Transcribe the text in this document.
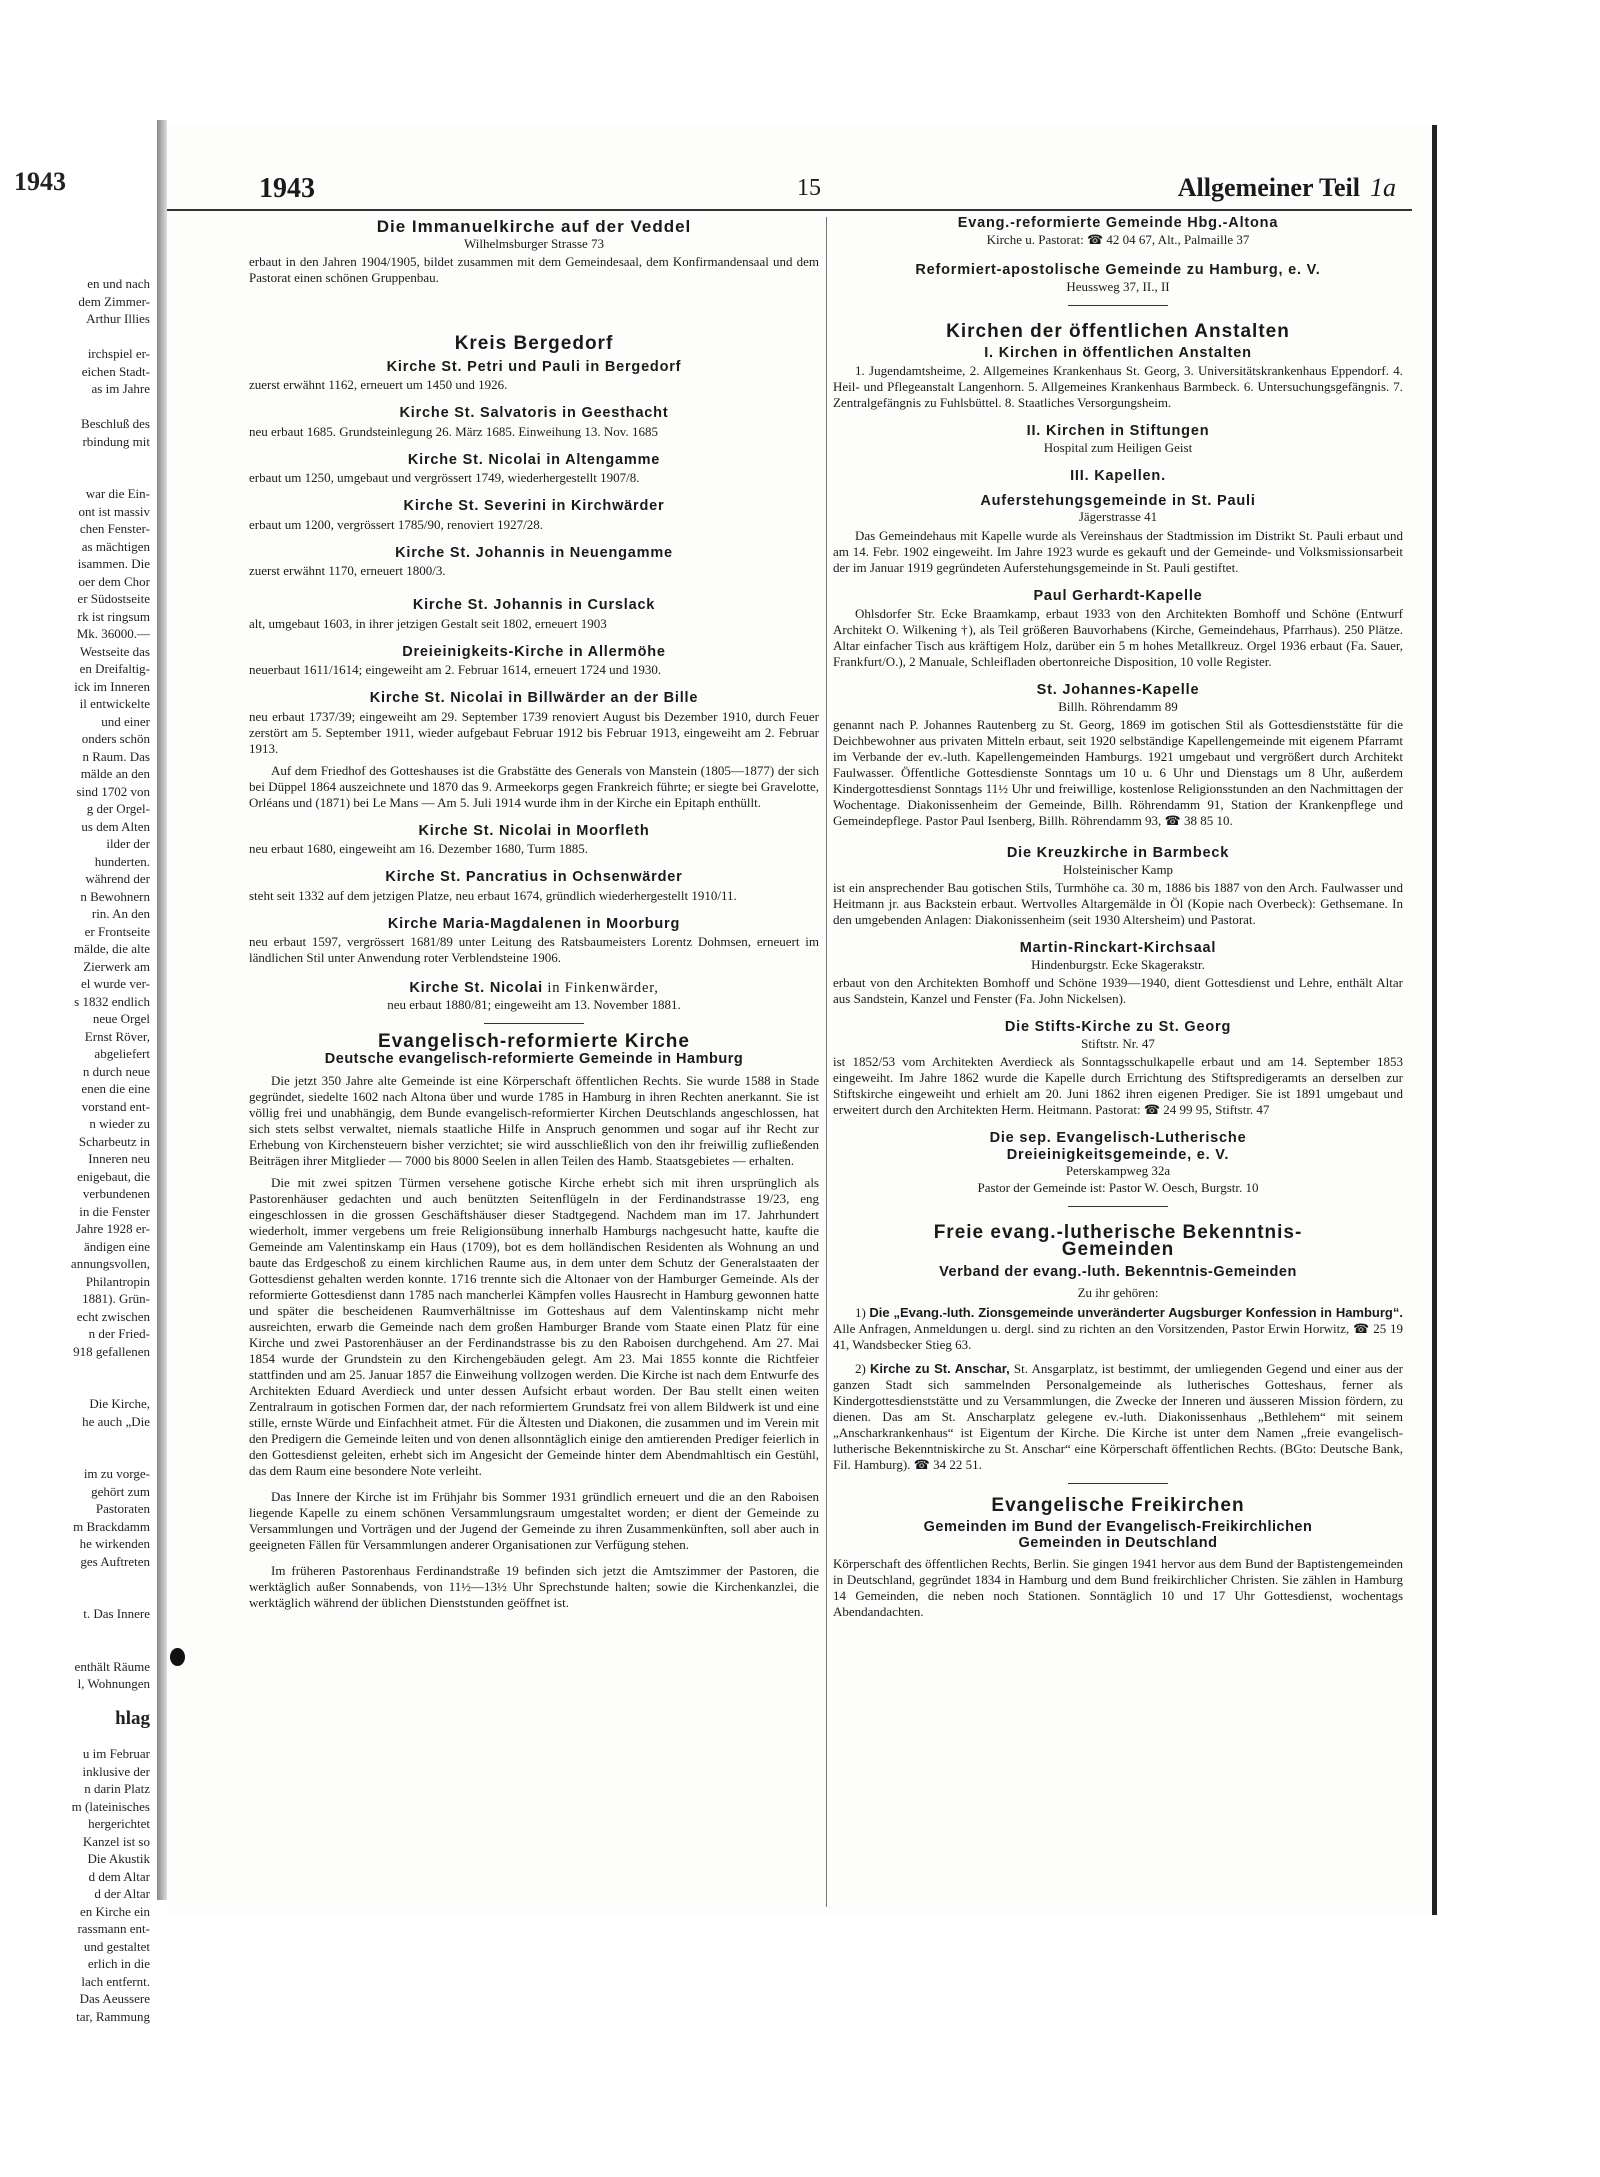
1943
en und nach
dem Zimmer-
Arthur Illies
irchspiel er-
eichen Stadt-
as im Jahre
Beschluß des
rbindung mit
war die Ein-
ont ist massiv
chen Fenster-
as mächtigen
isammen. Die
oer dem Chor
er Südostseite
rk ist ringsum
Mk. 36000.—
Westseite das
en Dreifaltig-
ick im Inneren
il entwickelte
und einer
onders schön
n Raum. Das
mälde an den
sind 1702 von
g der Orgel-
us dem Alten
ilder der
hunderten.
während der
n Bewohnern
rin. An den
er Frontseite
mälde, die alte
Zierwerk am
el wurde ver-
s 1832 endlich
neue Orgel
Ernst Röver,
abgeliefert
n durch neue
enen die eine
vorstand ent-
n wieder zu
Scharbeutz in
Inneren neu
enigebaut, die
verbundenen
in die Fenster
Jahre 1928 er-
ändigen eine
annungsvollen,
Philantropin
1881). Grün-
echt zwischen
n der Fried-
918 gefallenen
Die Kirche,
he auch „Die
im zu vorge-
gehört zum
Pastoraten
m Brackdamm
he wirkenden
ges Auftreten
t. Das Innere
enthält Räume
l, Wohnungen
hlag
u im Februar
inklusive der
n darin Platz
m (lateinisches
hergerichtet
Kanzel ist so
Die Akustik
d dem Altar
d der Altar
en Kirche ein
rassmann ent-
und gestaltet
erlich in die
lach entfernt.
Das Aeussere
tar, Rammung
1943	15	Allgemeiner Teil 1a
Die Immanuelkirche auf der Veddel
Wilhelmsburger Strasse 73

erbaut in den Jahren 1904/1905, bildet zusammen mit dem Gemeindesaal, dem Konfirmandensaal und dem Pastorat einen schönen Gruppenbau.

Kreis Bergedorf
Kirche St. Petri und Pauli in Bergedorf

zuerst erwähnt 1162, erneuert um 1450 und 1926.

Kirche St. Salvatoris in Geesthacht

neu erbaut 1685. Grundsteinlegung 26. März 1685. Einweihung 13. Nov. 1685

Kirche St. Nicolai in Altengamme

erbaut um 1250, umgebaut und vergrössert 1749, wiederhergestellt 1907/8.

Kirche St. Severini in Kirchwärder

erbaut um 1200, vergrössert 1785/90, renoviert 1927/28.

Kirche St. Johannis in Neuengamme

zuerst erwähnt 1170, erneuert 1800/3.

Kirche St. Johannis in Curslack

alt, umgebaut 1603, in ihrer jetzigen Gestalt seit 1802, erneuert 1903

Dreieinigkeits-Kirche in Allermöhe

neuerbaut 1611/1614; eingeweiht am 2. Februar 1614, erneuert 1724 und 1930.

Kirche St. Nicolai in Billwärder an der Bille

neu erbaut 1737/39; eingeweiht am 29. September 1739 renoviert August bis Dezember 1910, durch Feuer zerstört am 5. September 1911, wieder aufgebaut Februar 1912 bis Februar 1913, eingeweiht am 2. Februar 1913.

Auf dem Friedhof des Gotteshauses ist die Grabstätte des Generals von Manstein (1805—1877) der sich bei Düppel 1864 auszeichnete und 1870 das 9. Armeekorps gegen Frankreich führte; er siegte bei Gravelotte, Orléans und (1871) bei Le Mans — Am 5. Juli 1914 wurde ihm in der Kirche ein Epitaph enthüllt.

Kirche St. Nicolai in Moorfleth

neu erbaut 1680, eingeweiht am 16. Dezember 1680, Turm 1885.

Kirche St. Pancratius in Ochsenwärder

steht seit 1332 auf dem jetzigen Platze, neu erbaut 1674, gründlich wiederhergestellt 1910/11.

Kirche Maria-Magdalenen in Moorburg

neu erbaut 1597, vergrössert 1681/89 unter Leitung des Ratsbaumeisters Lorentz Dohmsen, erneuert im ländlichen Stil unter Anwendung roter Verblendsteine 1906.

Kirche St. Nicolai in Finkenwärder,
neu erbaut 1880/81; eingeweiht am 13. November 1881.
Evangelisch-reformierte Kirche
Deutsche evangelisch-reformierte Gemeinde in Hamburg

Die jetzt 350 Jahre alte Gemeinde ist eine Körperschaft öffentlichen Rechts. Sie wurde 1588 in Stade gegründet, siedelte 1602 nach Altona über und wurde 1785 in Hamburg in ihren Rechten anerkannt. Sie ist völlig frei und unabhängig, dem Bunde evangelisch-reformierter Kirchen Deutschlands angeschlossen, hat sich stets selbst verwaltet, niemals staatliche Hilfe in Anspruch genommen und sogar auf ihr Recht zur Erhebung von Kirchensteuern bisher verzichtet; sie wird ausschließlich von den ihr freiwillig zufließenden Beiträgen ihrer Mitglieder — 7000 bis 8000 Seelen in allen Teilen des Hamb. Staatsgebietes — erhalten.

Die mit zwei spitzen Türmen versehene gotische Kirche erhebt sich mit ihren ursprünglich als Pastorenhäuser gedachten und auch benützten Seitenflügeln in der Ferdinandstrasse 19/23, eng eingeschlossen in die grossen Geschäftshäuser dieser Stadtgegend. Nachdem man im 17. Jahrhundert wiederholt, immer vergebens um freie Religionsübung innerhalb Hamburgs nachgesucht hatte, kaufte die Gemeinde am Valentinskamp ein Haus (1709), bot es dem holländischen Residenten als Wohnung an und baute das Erdgeschoß zu einem kirchlichen Raume aus, in dem unter dem Schutz der Generalstaaten der Gottesdienst gehalten werden konnte. 1716 trennte sich die Altonaer von der Hamburger Gemeinde. Als der reformierte Gottesdienst dann 1785 nach mancherlei Kämpfen volles Hausrecht in Hamburg gewonnen hatte und später die bescheidenen Raumverhältnisse im Gotteshaus auf dem Valentinskamp nicht mehr ausreichten, erwarb die Gemeinde nach dem großen Hamburger Brande vom Staate einen Platz für eine Kirche und zwei Pastorenhäuser an der Ferdinandstrasse bis zu den Raboisen durchgehend. Am 27. Mai 1854 wurde der Grundstein zu den Kirchengebäuden gelegt. Am 23. Mai 1855 konnte die Richtfeier stattfinden und am 25. Januar 1857 die Einweihung vollzogen werden. Die Kirche ist nach dem Entwurfe des Architekten Eduard Averdieck und unter dessen Aufsicht erbaut worden. Der Bau stellt einen weiten Zentralraum in gotischen Formen dar, der nach reformiertem Grundsatz frei von allem Bildwerk ist und eine stille, ernste Würde und Einfachheit atmet. Für die Ältesten und Diakonen, die zusammen und im Verein mit den Predigern die Gemeinde leiten und von denen allsonntäglich einige den amtierenden Prediger feierlich in den Gottesdienst geleiten, erhebt sich im Angesicht der Gemeinde hinter dem Abendmahltisch ein Gestühl, das dem Raum eine besondere Note verleiht.

Das Innere der Kirche ist im Frühjahr bis Sommer 1931 gründlich erneuert und die an den Raboisen liegende Kapelle zu einem schönen Versammlungsraum umgestaltet worden; er dient der Gemeinde zu Versammlungen und Vorträgen und der Jugend der Gemeinde zu ihren Zusammenkünften, soll aber auch in geeigneten Fällen für Versammlungen anderer Organisationen zur Verfügung stehen.

Im früheren Pastorenhaus Ferdinandstraße 19 befinden sich jetzt die Amtszimmer der Pastoren, die werktäglich außer Sonnabends, von 11½—13½ Uhr Sprechstunde halten; sowie die Kirchenkanzlei, die werktäglich während der üblichen Dienststunden geöffnet ist.

Evang.-reformierte Gemeinde Hbg.-Altona
Kirche u. Pastorat: ☎ 42 04 67, Alt., Palmaille 37
Reformiert-apostolische Gemeinde zu Hamburg, e. V.
Heussweg 37, II., II
Kirchen der öffentlichen Anstalten
I. Kirchen in öffentlichen Anstalten

1. Jugendamtsheime, 2. Allgemeines Krankenhaus St. Georg, 3. Universitätskrankenhaus Eppendorf. 4. Heil- und Pflegeanstalt Langenhorn. 5. Allgemeines Krankenhaus Barmbeck. 6. Untersuchungsgefängnis. 7. Zentralgefängnis zu Fuhlsbüttel. 8. Staatliches Versorgungsheim.

II. Kirchen in Stiftungen
Hospital zum Heiligen Geist
III. Kapellen.
Auferstehungsgemeinde in St. Pauli
Jägerstrasse 41

Das Gemeindehaus mit Kapelle wurde als Vereinshaus der Stadtmission im Distrikt St. Pauli erbaut und am 14. Febr. 1902 eingeweiht. Im Jahre 1923 wurde es gekauft und der Gemeinde- und Volksmissionsarbeit der im Januar 1919 gegründeten Auferstehungsgemeinde in St. Pauli gestiftet.

Paul Gerhardt-Kapelle

Ohlsdorfer Str. Ecke Braamkamp, erbaut 1933 von den Architekten Bomhoff und Schöne (Entwurf Architekt O. Wilkening †), als Teil größeren Bauvorhabens (Kirche, Gemeindehaus, Pfarrhaus). 250 Plätze. Altar einfacher Tisch aus kräftigem Holz, darüber ein 5 m hohes Metallkreuz. Orgel 1936 erbaut (Fa. Sauer, Frankfurt/O.), 2 Manuale, Schleifladen obertonreiche Disposition, 10 volle Register.

St. Johannes-Kapelle
Billh. Röhrendamm 89

genannt nach P. Johannes Rautenberg zu St. Georg, 1869 im gotischen Stil als Gottesdienststätte für die Deichbewohner aus privaten Mitteln erbaut, seit 1920 selbständige Kapellengemeinde mit eigenem Pfarramt im Verbande der ev.-luth. Kapellengemeinden Hamburgs. 1921 umgebaut und vergrößert durch Architekt Faulwasser. Öffentliche Gottesdienste Sonntags um 10 u. 6 Uhr und Dienstags um 8 Uhr, außerdem Kindergottesdienst Sonntags 11½ Uhr und freiwillige, kostenlose Religionsstunden an den Nachmittagen der Wochentage. Diakonissenheim der Gemeinde, Billh. Röhrendamm 91, Station der Krankenpflege und Gemeindepflege. Pastor Paul Isenberg, Billh. Röhrendamm 93, ☎ 38 85 10.

Die Kreuzkirche in Barmbeck
Holsteinischer Kamp

ist ein ansprechender Bau gotischen Stils, Turmhöhe ca. 30 m, 1886 bis 1887 von den Arch. Faulwasser und Heitmann jr. aus Backstein erbaut. Wertvolles Altargemälde in Öl (Kopie nach Overbeck): Gethsemane. In den umgebenden Anlagen: Diakonissenheim (seit 1930 Altersheim) und Pastorat.

Martin-Rinckart-Kirchsaal
Hindenburgstr. Ecke Skagerakstr.

erbaut von den Architekten Bomhoff und Schöne 1939—1940, dient Gottesdienst und Lehre, enthält Altar aus Sandstein, Kanzel und Fenster (Fa. John Nickelsen).

Die Stifts-Kirche zu St. Georg
Stiftstr. Nr. 47

ist 1852/53 vom Architekten Averdieck als Sonntagsschulkapelle erbaut und am 14. September 1853 eingeweiht. Im Jahre 1862 wurde die Kapelle durch Errichtung des Stiftspredigeramts an derselben zur Stiftskirche eingeweiht und erhielt am 20. Juni 1862 ihren eigenen Prediger. Sie ist 1891 umgebaut und erweitert durch den Architekten Herm. Heitmann. Pastorat: ☎ 24 99 95, Stiftstr. 47

Die sep. Evangelisch-Lutherische
Dreieinigkeitsgemeinde, e. V.
Peterskampweg 32a
Pastor der Gemeinde ist: Pastor W. Oesch, Burgstr. 10
Freie evang.-lutherische Bekenntnis-
Gemeinden
Verband der evang.-luth. Bekenntnis-Gemeinden
Zu ihr gehören:

1) Die „Evang.-luth. Zionsgemeinde unveränderter Augsburger Konfession in Hamburg“. Alle Anfragen, Anmeldungen u. dergl. sind zu richten an den Vorsitzenden, Pastor Erwin Horwitz, ☎ 25 19 41, Wandsbecker Stieg 63.

2) Kirche zu St. Anschar, St. Ansgarplatz, ist bestimmt, der umliegenden Gegend und einer aus der ganzen Stadt sich sammelnden Personalgemeinde als lutherisches Gotteshaus, ferner als Kindergottesdienststätte und zu Versammlungen, die Zwecke der Inneren und äusseren Mission fördern, zu dienen. Das am St. Anscharplatz gelegene ev.-luth. Diakonissenhaus „Bethlehem“ mit seinem „Anscharkrankenhaus“ ist Eigentum der Kirche. Die Kirche ist unter dem Namen „freie evangelisch-lutherische Bekenntniskirche zu St. Anschar“ eine Körperschaft öffentlichen Rechts. (BGto: Deutsche Bank, Fil. Hamburg). ☎ 34 22 51.

Evangelische Freikirchen
Gemeinden im Bund der Evangelisch-Freikirchlichen
Gemeinden in Deutschland

Körperschaft des öffentlichen Rechts, Berlin. Sie gingen 1941 hervor aus dem Bund der Baptistengemeinden in Deutschland, gegründet 1834 in Hamburg und dem Bund freikirchlicher Christen. Sie zählen in Hamburg 14 Gemeinden, die neben noch Stationen. Sonntäglich 10 und 17 Uhr Gottesdienst, wochentags Abendandachten.
